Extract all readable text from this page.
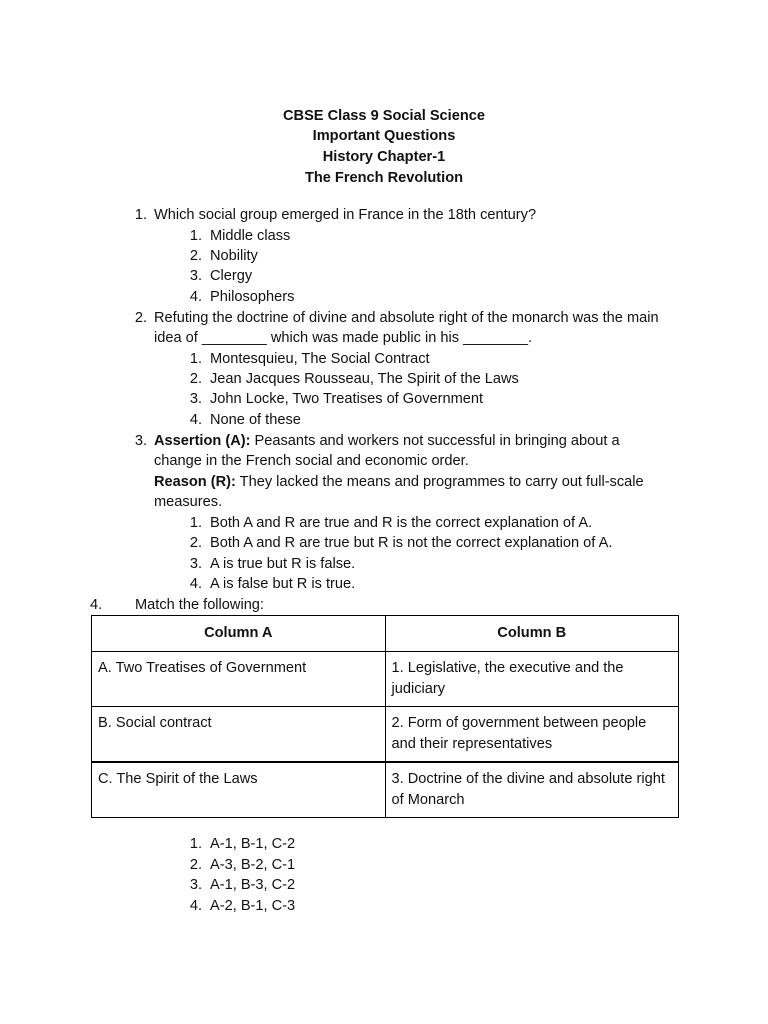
CBSE Class 9 Social Science
Important Questions
History Chapter-1
The French Revolution
1. Which social group emerged in France in the 18th century?
1. Middle class
2. Nobility
3. Clergy
4. Philosophers
2. Refuting the doctrine of divine and absolute right of the monarch was the main
idea of ________ which was made public in his ________.
1. Montesquieu, The Social Contract
2. Jean Jacques Rousseau, The Spirit of the Laws
3. John Locke, Two Treatises of Government
4. None of these
3. Assertion (A): Peasants and workers not successful in bringing about a
change in the French social and economic order.
Reason (R): They lacked the means and programmes to carry out full-scale
measures.
1. Both A and R are true and R is the correct explanation of A.
2. Both A and R are true but R is not the correct explanation of A.
3. A is true but R is false.
4. A is false but R is true.
4. Match the following:
Column A	Column B
A. Two Treatises of Government	1. Legislative, the executive and the judiciary
B. Social contract	2. Form of government between people and their representatives
C. The Spirit of the Laws	3. Doctrine of the divine and absolute right of Monarch
1. A-1, B-1, C-2
2. A-3, B-2, C-1
3. A-1, B-3, C-2
4. A-2, B-1, C-3
